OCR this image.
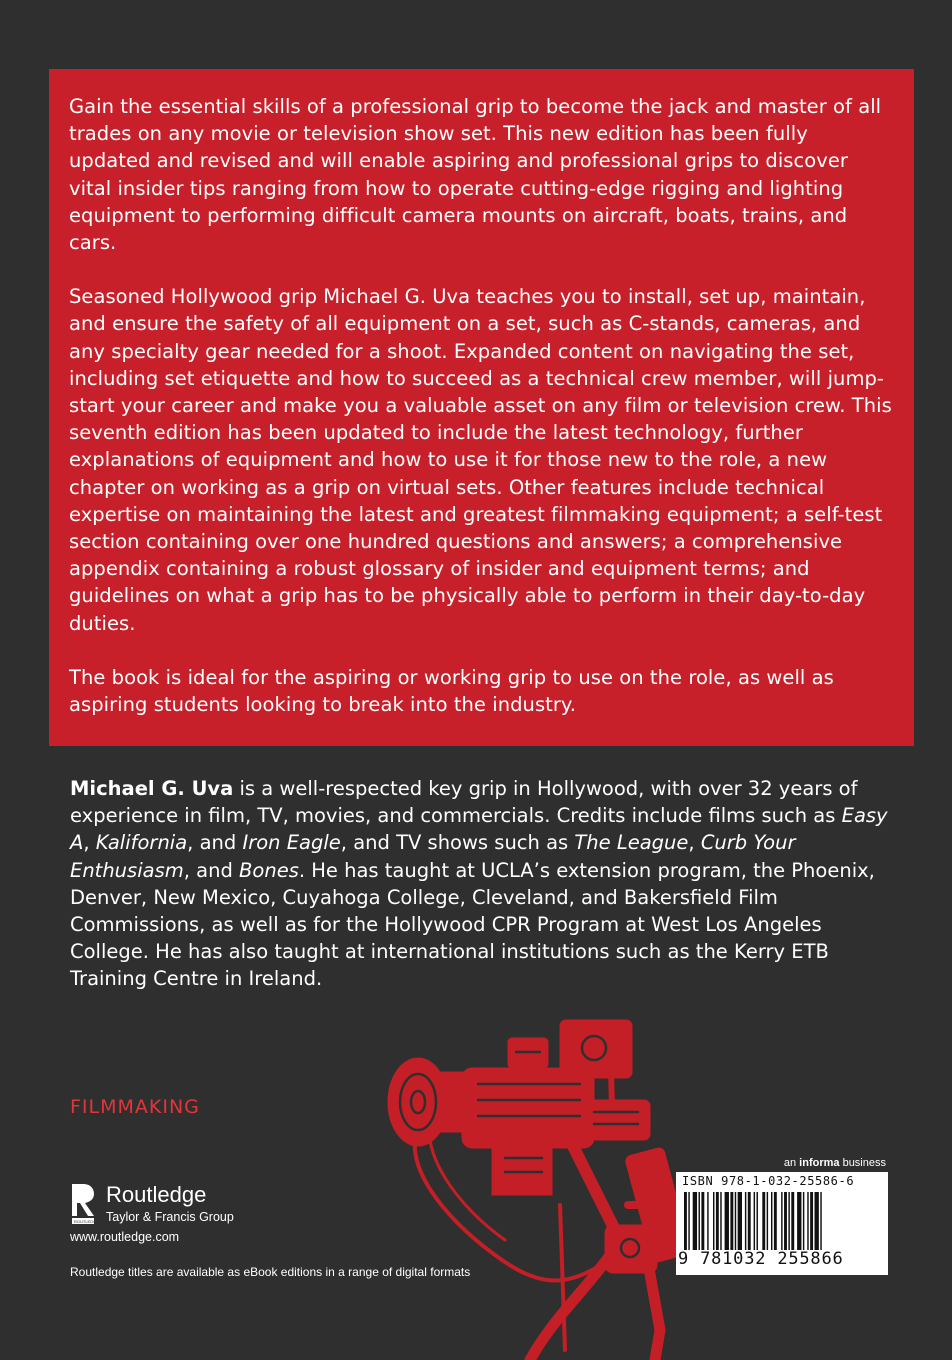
Gain the essential skills of a professional grip to become the jack and master of all trades on any movie or television show set. This new edition has been fully updated and revised and will enable aspiring and professional grips to discover vital insider tips ranging from how to operate cutting-edge rigging and lighting equipment to performing difficult camera mounts on aircraft, boats, trains, and cars.

Seasoned Hollywood grip Michael G. Uva teaches you to install, set up, maintain, and ensure the safety of all equipment on a set, such as C-stands, cameras, and any specialty gear needed for a shoot. Expanded content on navigating the set, including set etiquette and how to succeed as a technical crew member, will jump-start your career and make you a valuable asset on any film or television crew. This seventh edition has been updated to include the latest technology, further explanations of equipment and how to use it for those new to the role, a new chapter on working as a grip on virtual sets. Other features include technical expertise on maintaining the latest and greatest filmmaking equipment; a self-test section containing over one hundred questions and answers; a comprehensive appendix containing a robust glossary of insider and equipment terms; and guidelines on what a grip has to be physically able to perform in their day-to-day duties.

The book is ideal for the aspiring or working grip to use on the role, as well as aspiring students looking to break into the industry.

Michael G. Uva is a well-respected key grip in Hollywood, with over 32 years of experience in film, TV, movies, and commercials. Credits include films such as Easy A, Kalifornia, and Iron Eagle, and TV shows such as The League, Curb Your Enthusiasm, and Bones. He has taught at UCLA’s extension program, the Phoenix, Denver, New Mexico, Cuyahoga College, Cleveland, and Bakersfield Film Commissions, as well as for the Hollywood CPR Program at West Los Angeles College. He has also taught at international institutions such as the Kerry ETB Training Centre in Ireland.

FILMMAKING

ROUTLEDGE
Routledge
Taylor & Francis Group
www.routledge.com
Routledge titles are available as eBook editions in a range of digital formats
an informa business
ISBN 978-1-032-25586-6
9 781032 255866
